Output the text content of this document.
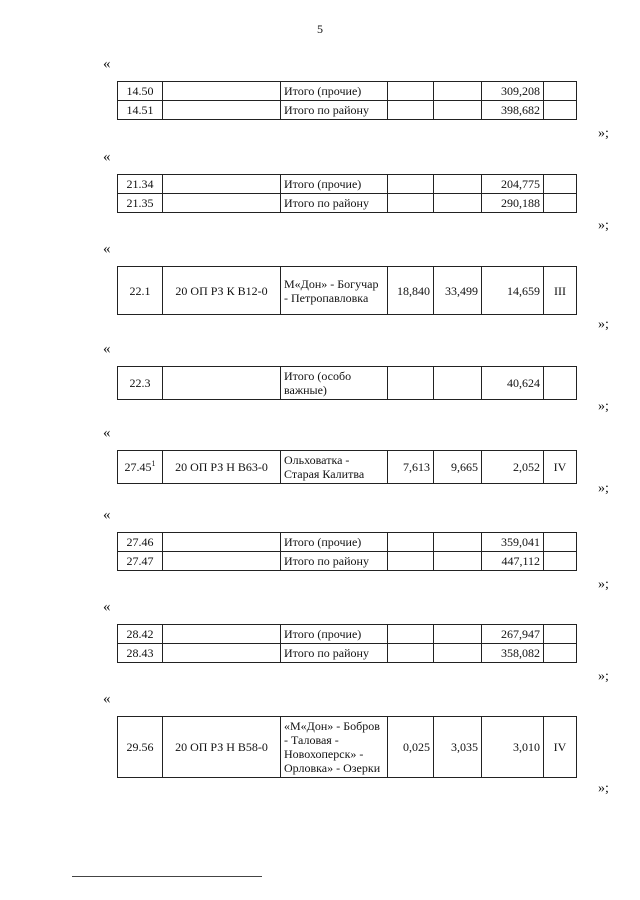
5
«
14.50		Итого (прочие)			309,208	
14.51		Итого по району			398,682	
»;
«
21.34		Итого (прочие)			204,775	
21.35		Итого по району			290,188	
»;
«
22.1	20 ОП РЗ К В12-0	М«Дон» - Богучар - Петропавловка	18,840	33,499	14,659	III
»;
«
22.3		Итого (особо важные)			40,624	
»;
«
27.45$^1$	20 ОП РЗ Н В63-0	Ольховатка - Старая Калитва	7,613	9,665	2,052	IV
»;
«
27.46		Итого (прочие)			359,041	
27.47		Итого по району			447,112	
»;
«
28.42		Итого (прочие)			267,947	
28.43		Итого по району			358,082	
»;
«
29.56	20 ОП РЗ Н В58-0	«М«Дон» - Бобров - Таловая - Новохоперск» - Орловка» - Озерки	0,025	3,035	3,010	IV
»;
